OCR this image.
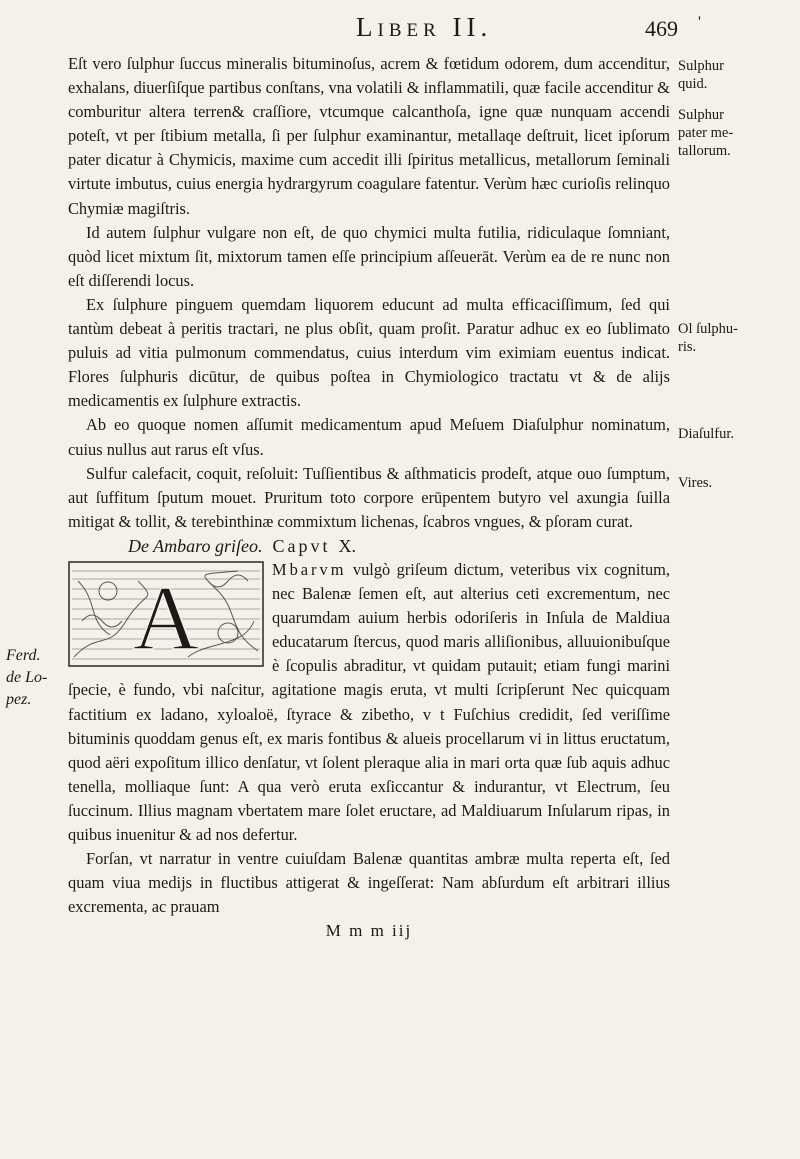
Liber II.	469 '

Eſt vero ſulphur ſuccus mineralis bituminoſus, acrem & fœtidum odorem, dum accenditur, exhalans, diuerſiſque partibus conſtans, vna volatili & inflammatili, quæ facile accenditur & comburitur altera terren& craſſiore, vtcumque calcanthoſa, igne quæ nunquam accendi poteſt, vt per ſtibium metalla, ſi per ſulphur examinantur, metallaqe deſtruit, licet ipſorum pater dicatur à Chymicis, maxime cum accedit illi ſpiritus metallicus, metallorum ſeminali virtute imbutus, cuius energia hydrargyrum coagulare fatentur. Verùm hæc curioſis relinquo Chymiæ magiſtris.

Id autem ſulphur vulgare non eſt, de quo chymici multa futilia, ridiculaque ſomniant, quòd licet mixtum ſit, mixtorum tamen eſſe principium aſſeuerāt. Verùm ea de re nunc non eſt diſſerendi locus.

Ex ſulphure pinguem quemdam liquorem educunt ad multa efficaciſſimum, ſed qui tantùm debeat à peritis tractari, ne plus obſit, quam proſit. Paratur adhuc ex eo ſublimato puluis ad vitia pulmonum commendatus, cuius interdum vim eximiam euentus indicat. Flores ſulphuris dicūtur, de quibus poſtea in Chymiologico tractatu vt & de alijs medicamentis ex ſulphure extractis.

Ab eo quoque nomen aſſumit medicamentum apud Meſuem Diaſulphur nominatum, cuius nullus aut rarus eſt vſus.

Sulfur calefacit, coquit, reſoluit: Tuſſientibus & aſthmaticis prodeſt, atque ouo ſumptum, aut ſuffitum ſputum mouet. Pruritum toto corpore erūpentem butyro vel axungia ſuilla mitigat & tollit, & terebinthinæ commixtum lichenas, ſcabros vngues, & pſoram curat.

De Ambaro griſeo. Capvt X.

A	Mbarvm vulgò griſeum dictum, veteribus vix cognitum, nec Balenæ ſemen eſt, aut alterius ceti excrementum, nec quarumdam auium herbis odoriſeris in Inſula de Maldiua educatarum ſtercus, quod maris alliſionibus, alluuionibuſque è ſcopulis abraditur, vt quidam putauit; etiam fungi marini ſpecie, è fundo, vbi naſcitur, agitatione magis eruta, vt multi ſcripſerunt Nec quicquam factitium ex ladano, xyloaloë, ſtyrace & zibetho, v t Fuſchius credidit, ſed veriſſime bituminis quoddam genus eſt, ex maris fontibus & alueis procellarum vi in littus eructatum, quod aëri expoſitum illico denſatur, vt ſolent pleraque alia in mari orta quæ ſub aquis adhuc tenella, molliaque ſunt: A qua verò eruta exſiccantur & indurantur, vt Electrum, ſeu ſuccinum. Illius magnam vbertatem mare ſolet eructare, ad Maldiuarum Inſularum ripas, in quibus inuenitur & ad nos defertur.

Forſan, vt narratur in ventre cuiuſdam Balenæ quantitas ambræ multa reperta eſt, ſed quam viua medijs in fluctibus attigerat & ingeſſerat: Nam abſurdum eſt arbitrari illius excrementa, ac prauam

M m m iij
Sulphur
quid.
Sulphur
pater me-
tallorum.
Ol ſulphu-
ris.
Diaſulfur.
Vires.
Ferd.
de Lo-
pez.
